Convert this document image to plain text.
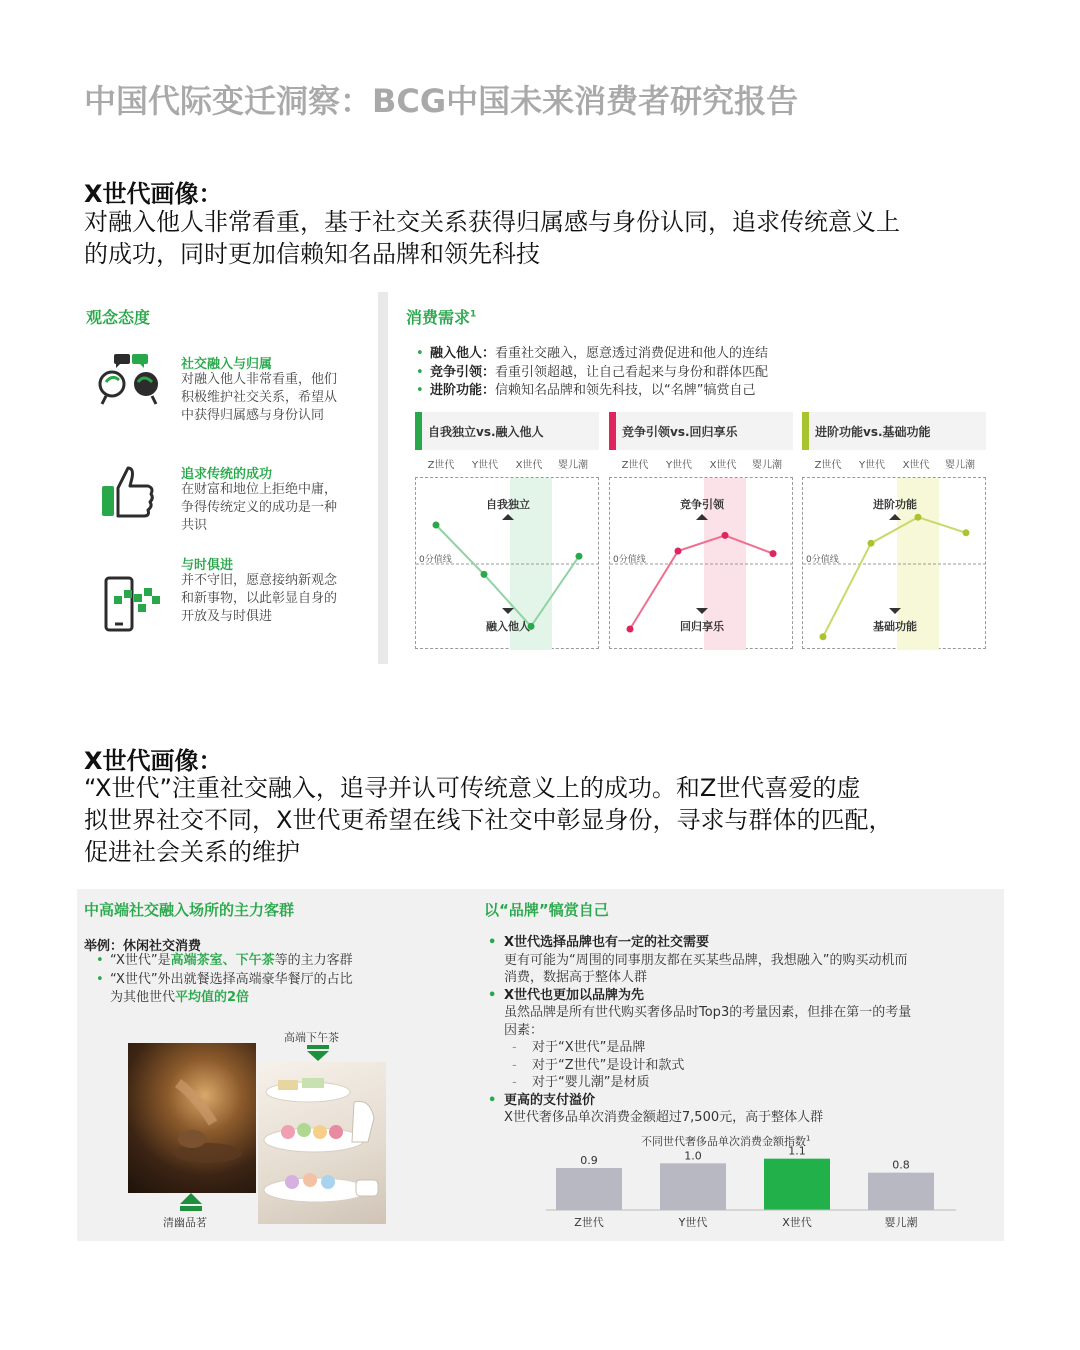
中国代际变迁洞察：BCG中国未来消费者研究报告
X世代画像：
对融入他人非常看重，基于社交关系获得归属感与身份认同，追求传统意义上
的成功，同时更加信赖知名品牌和领先科技
观念态度
社交融入与归属
对融入他人非常看重，他们
积极维护社交关系，希望从
中获得归属感与身份认同
追求传统的成功
在财富和地位上拒绝中庸，
争得传统定义的成功是一种
共识
与时俱进
并不守旧，愿意接纳新观念
和新事物，以此彰显自身的
开放及与时俱进
消费需求$^1$
• 融入他人：看重社交融入，愿意透过消费促进和他人的连结
• 竞争引领：看重引领超越，让自己看起来与身份和群体匹配
• 进阶功能：信赖知名品牌和领先科技，以“名牌”犒赏自己
自我独立vs.融入他人
Z世代	Y世代	X世代	婴儿潮
自我独立
融入他人
0分值线
竞争引领vs.回归享乐
Z世代	Y世代	X世代	婴儿潮
竞争引领
回归享乐
0分值线
进阶功能vs.基础功能
Z世代	Y世代	X世代	婴儿潮
进阶功能
基础功能
0分值线
X世代画像：
“X世代”注重社交融入，追寻并认可传统意义上的成功。和Z世代喜爱的虚
拟世界社交不同，X世代更希望在线下社交中彰显身份，寻求与群体的匹配，
促进社会关系的维护
中高端社交融入场所的主力客群
举例：休闲社交消费
• “X世代”是高端茶室、下午茶等的主力客群
• “X世代”外出就餐选择高端豪华餐厅的占比
为其他世代平均值的2倍
清幽品茗
高端下午茶
以“品牌”犒赏自己
• X世代选择品牌也有一定的社交需要
更有可能为“周围的同事朋友都在买某些品牌，我想融入”的购买动机而
消费，数据高于整体人群
• X世代也更加以品牌为先
虽然品牌是所有世代购买奢侈品时Top3的考量因素，但排在第一的考量
因素：
- 对于“X世代”是品牌
- 对于“Z世代”是设计和款式
- 对于“婴儿潮”是材质
• 更高的支付溢价
X世代奢侈品单次消费金额超过7,500元，高于整体人群
不同世代奢侈品单次消费金额指数$^1$
0.9
Z世代
1.0
Y世代
1.1
X世代
0.8
婴儿潮
